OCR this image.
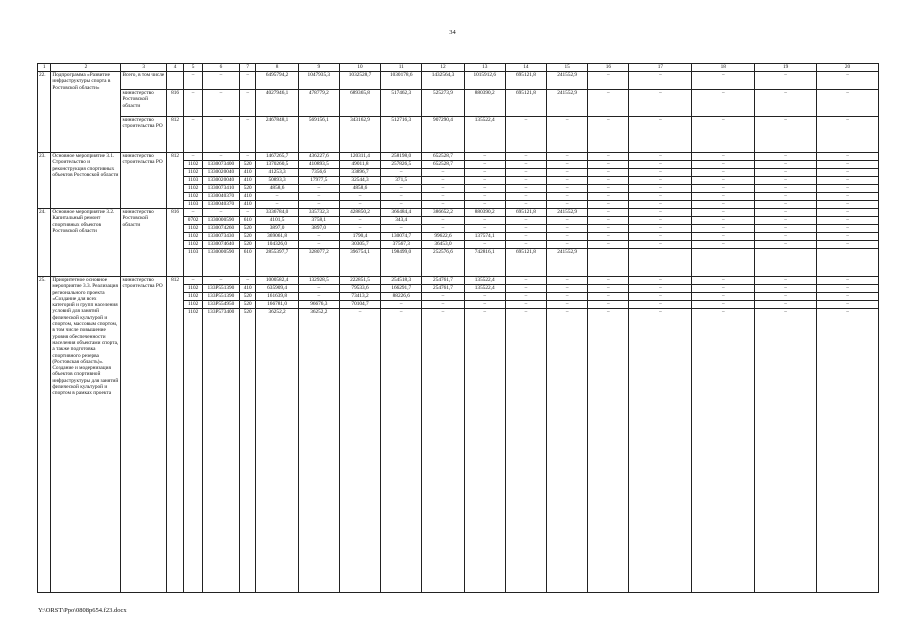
34
1	2	3	4	5	6	7	8	9	10	11	12	13	14	15	16	17	18	19	20
22.	Подпрограмма «Развитие инфраструктуры спорта в Ростовской области»	Всего, в том числе		–	–	–	6495794,2	1047935,3	1032528,7	1030178,6	1432564,3	1015912,6	695121,8	241552,9	–	–	–	–	–
		министерство Ростовской области	816	–	–	–	4027946,1	478779,2	689365,8	517462,3	525273,9	880390,2	695121,8	241552,9	–	–	–	–	–
		министерство строительства РО	812	–	–	–	2467848,1	569156,1	343162,9	512716,3	907290,4	135522,4	–	–	–	–	–	–	–
23.	Основное мероприятие 3.1. Строительство и реконструкция спортивных объектов Ростовской области	министерство строительства РО	812	–	–	–	1467265,7	436227,6	120311,4	258198,0	652528,7	–	–	–	–	–	–	–	–
				1102	1330073400	520	1370260,5	410893,5	49011,8	257826,5	652528,7	–	–	–	–	–	–	–	–
				1102	1330020040	410	41253,3	7356,6	33896,7	–	–	–	–	–	–	–	–	–	–
				1103	1330020040	410	50893,3	17977,5	32544,3	371,5	–	–	–	–	–	–	–	–	–
				1102	1330073410	520	4858,6	–	4858,6	–	–	–	–	–	–	–	–	–	–
				1102	1330040370	410	–	–	–	–	–	–	–	–	–	–	–	–	–
				1103	1330040370	410	–	–	–	–	–	–	–	–	–	–	–	–	–
24.	Основное мероприятие 3.2. Капитальный ремонт спортивных объектов Ростовской области	министерство Ростовской области	816	–	–	–	3336784,0	335732,3	428850,2	366484,4	386652,2	880390,2	695121,8	241552,9	–	–	–	–	–
				0702	1330000590	610	4101,5	3758,1	–	343,4	–	–	–	–	–	–	–	–	–
				1102	1330074260	520	3897,0	3897,0	–	–	–	–	–	–	–	–	–	–	–
				1102	1330073430	520	369061,8	–	1790,4	130074,7	99622,6	137574,1	–	–	–	–	–	–	–
				1102	1330074640	520	104326,0	–	30305,7	37567,3	36453,0	–	–	–	–	–	–	–	–
				1103	1330000590	610	2855397,7	328077,2	396754,1	198499,0	252576,6	742816,1	695121,8	241552,9					
25.	Приоритетное основное мероприятие 3.3. Реализация регионального проекта «Создание для всех категорий и групп населения условий для занятий физической культурой и спортом, массовым спортом, в том числе повышение уровня обеспеченности населения объектами спорта, а также подготовка спортивного резерва (Ростовская область)». Создание и модернизация объектов спортивной инфраструктуры для занятий физической культурой и спортом в рамках проекта	министерство строительства РО	812	–	–	–	1000582,4	132928,5	222851,5	254518,3	254761,7	135522,4	–	–	–	–	–	–	–
				1102	133P551390	410	635909,4	–	79533,6	166291,7	254761,7	135522,4	–	–	–	–	–	–	–
				1102	133P551390	520	161639,8	–	73413,2	88226,6	–	–	–	–	–	–	–	–	–
				1102	133P554950	520	166781,0	96676,3	70104,7	–	–	–	–	–	–	–	–	–	–
				1102	133P573400	520	36252,2	36252,2	–	–	–	–	–	–	–	–	–	–	–
Y:\ORST\Ppo\0808p654.f23.docx
